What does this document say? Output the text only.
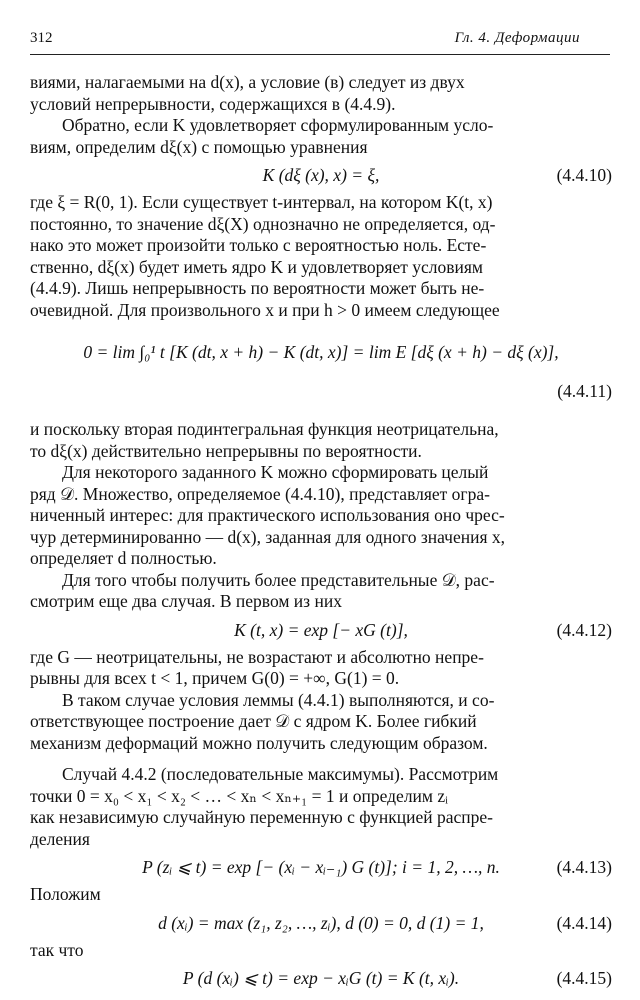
312	Гл. 4. Деформации

виями, налагаемыми на d(x), а условие (в) следует из двух

условий непрерывности, содержащихся в (4.4.9).

Обратно, если K удовлетворяет сформулированным усло-

виям, определим dξ(x) с помощью уравнения

K (dξ (x), x) = ξ,	(4.4.10)

где ξ = R(0, 1). Если существует t-интервал, на котором K(t, x)

постоянно, то значение dξ(X) однозначно не определяется, од-

нако это может произойти только с вероятностью ноль. Есте-

ственно, dξ(x) будет иметь ядро K и удовлетворяет условиям

(4.4.9). Лишь непрерывность по вероятности может быть не-

очевидной. Для произвольного x и при h > 0 имеем следующее

0 = lim ∫₀¹ t [K (dt, x + h) − K (dt, x)] = lim E [dξ (x + h) − dξ (x)],
(4.4.11)

и поскольку вторая подинтегральная функция неотрицательна,

то dξ(x) действительно непрерывны по вероятности.

Для некоторого заданного K можно сформировать целый

ряд 𝒟. Множество, определяемое (4.4.10), представляет огра-

ниченный интерес: для практического использования оно чрес-

чур детерминированно — d(x), заданная для одного значения x,

определяет d полностью.

Для того чтобы получить более представительные 𝒟, рас-

смотрим еще два случая. В первом из них

K (t, x) = exp [− xG (t)],	(4.4.12)

где G — неотрицательны, не возрастают и абсолютно непре-

рывны для всех t < 1, причем G(0) = +∞, G(1) = 0.

В таком случае условия леммы (4.4.1) выполняются, и со-

ответствующее построение дает 𝒟 с ядром K. Более гибкий

механизм деформаций можно получить следующим образом.

Случай 4.4.2 (последовательные максимумы). Рассмотрим

точки 0 = x₀ < x₁ < x₂ < … < xₙ < xₙ₊₁ = 1 и определим zᵢ

как независимую случайную переменную с функцией распре-

деления

P (zᵢ ⩽ t) = exp [− (xᵢ − xᵢ₋₁) G (t)]; i = 1, 2, …, n.	(4.4.13)

Положим

d (xᵢ) = max (z₁, z₂, …, zᵢ), d (0) = 0, d (1) = 1,	(4.4.14)

так что

P (d (xᵢ) ⩽ t) = exp − xᵢG (t) = K (t, xᵢ).	(4.4.15)
